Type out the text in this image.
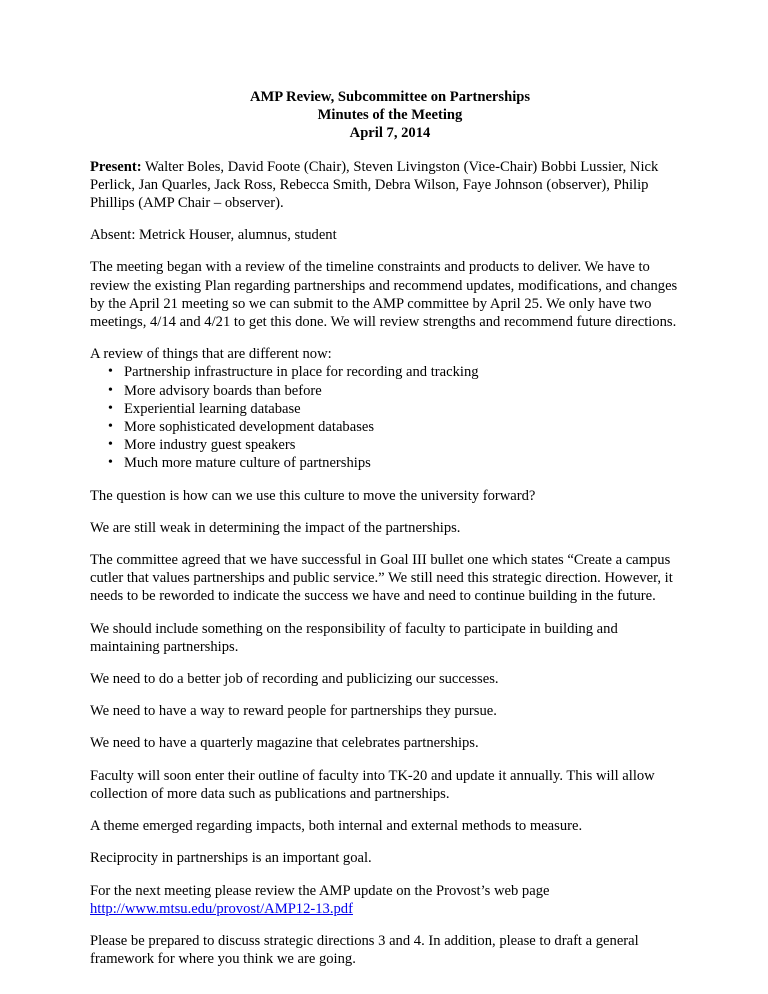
AMP Review, Subcommittee on Partnerships
Minutes of the Meeting
April 7, 2014

Present: Walter Boles, David Foote (Chair), Steven Livingston (Vice-Chair) Bobbi Lussier, Nick Perlick, Jan Quarles, Jack Ross, Rebecca Smith, Debra Wilson, Faye Johnson (observer), Philip Phillips (AMP Chair – observer).

Absent: Metrick Houser, alumnus, student

The meeting began with a review of the timeline constraints and products to deliver. We have to review the existing Plan regarding partnerships and recommend updates, modifications, and changes by the April 21 meeting so we can submit to the AMP committee by April 25. We only have two meetings, 4/14 and 4/21 to get this done. We will review strengths and recommend future directions.

A review of things that are different now:
• Partnership infrastructure in place for recording and tracking
• More advisory boards than before
• Experiential learning database
• More sophisticated development databases
• More industry guest speakers
• Much more mature culture of partnerships

The question is how can we use this culture to move the university forward?

We are still weak in determining the impact of the partnerships.

The committee agreed that we have successful in Goal III bullet one which states “Create a campus cutler that values partnerships and public service.” We still need this strategic direction. However, it needs to be reworded to indicate the success we have and need to continue building in the future.

We should include something on the responsibility of faculty to participate in building and maintaining partnerships.

We need to do a better job of recording and publicizing our successes.

We need to have a way to reward people for partnerships they pursue.

We need to have a quarterly magazine that celebrates partnerships.

Faculty will soon enter their outline of faculty into TK-20 and update it annually. This will allow collection of more data such as publications and partnerships.

A theme emerged regarding impacts, both internal and external methods to measure.

Reciprocity in partnerships is an important goal.

For the next meeting please review the AMP update on the Provost’s web page
http://www.mtsu.edu/provost/AMP12-13.pdf

Please be prepared to discuss strategic directions 3 and 4. In addition, please to draft a general framework for where you think we are going.
